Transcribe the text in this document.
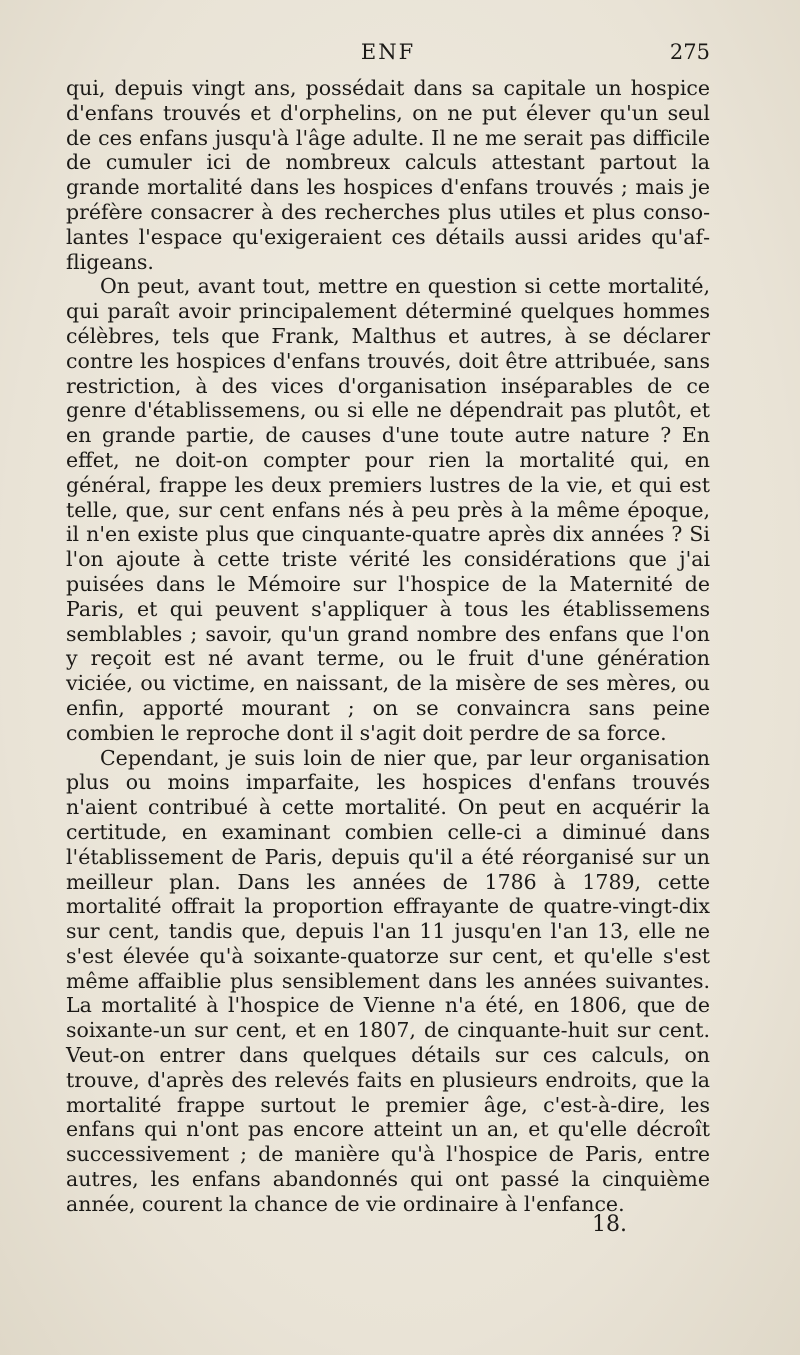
ENF	275

qui, depuis vingt ans, possédait dans sa capitale un hospice d'enfans trouvés et d'orphelins, on ne put élever qu'un seul de ces enfans jusqu'à l'âge adulte. Il ne me serait pas difficile de cumuler ici de nombreux calculs attestant partout la grande mortalité dans les hospices d'enfans trouvés ; mais je préfère consacrer à des recherches plus utiles et plus consolantes l'espace qu'exigeraient ces détails aussi arides qu'affligeans.

On peut, avant tout, mettre en question si cette mortalité, qui paraît avoir principalement déterminé quelques hommes célèbres, tels que Frank, Malthus et autres, à se déclarer contre les hospices d'enfans trouvés, doit être attribuée, sans restriction, à des vices d'organisation inséparables de ce genre d'établissemens, ou si elle ne dépendrait pas plutôt, et en grande partie, de causes d'une toute autre nature ? En effet, ne doit-on compter pour rien la mortalité qui, en général, frappe les deux premiers lustres de la vie, et qui est telle, que, sur cent enfans nés à peu près à la même époque, il n'en existe plus que cinquante-quatre après dix années ? Si l'on ajoute à cette triste vérité les considérations que j'ai puisées dans le Mémoire sur l'hospice de la Maternité de Paris, et qui peuvent s'appliquer à tous les établissemens semblables ; savoir, qu'un grand nombre des enfans que l'on y reçoit est né avant terme, ou le fruit d'une génération viciée, ou victime, en naissant, de la misère de ses mères, ou enfin, apporté mourant ; on se convaincra sans peine combien le reproche dont il s'agit doit perdre de sa force.

Cependant, je suis loin de nier que, par leur organisation plus ou moins imparfaite, les hospices d'enfans trouvés n'aient contribué à cette mortalité. On peut en acquérir la certitude, en examinant combien celle-ci a diminué dans l'établissement de Paris, depuis qu'il a été réorganisé sur un meilleur plan. Dans les années de 1786 à 1789, cette mortalité offrait la proportion effrayante de quatre-vingt-dix sur cent, tandis que, depuis l'an 11 jusqu'en l'an 13, elle ne s'est élevée qu'à soixante-quatorze sur cent, et qu'elle s'est même affaiblie plus sensiblement dans les années suivantes. La mortalité à l'hospice de Vienne n'a été, en 1806, que de soixante-un sur cent, et en 1807, de cinquante-huit sur cent. Veut-on entrer dans quelques détails sur ces calculs, on trouve, d'après des relevés faits en plusieurs endroits, que la mortalité frappe surtout le premier âge, c'est-à-dire, les enfans qui n'ont pas encore atteint un an, et qu'elle décroît successivement ; de manière qu'à l'hospice de Paris, entre autres, les enfans abandonnés qui ont passé la cinquième année, courent la chance de vie ordinaire à l'enfance.

18.
